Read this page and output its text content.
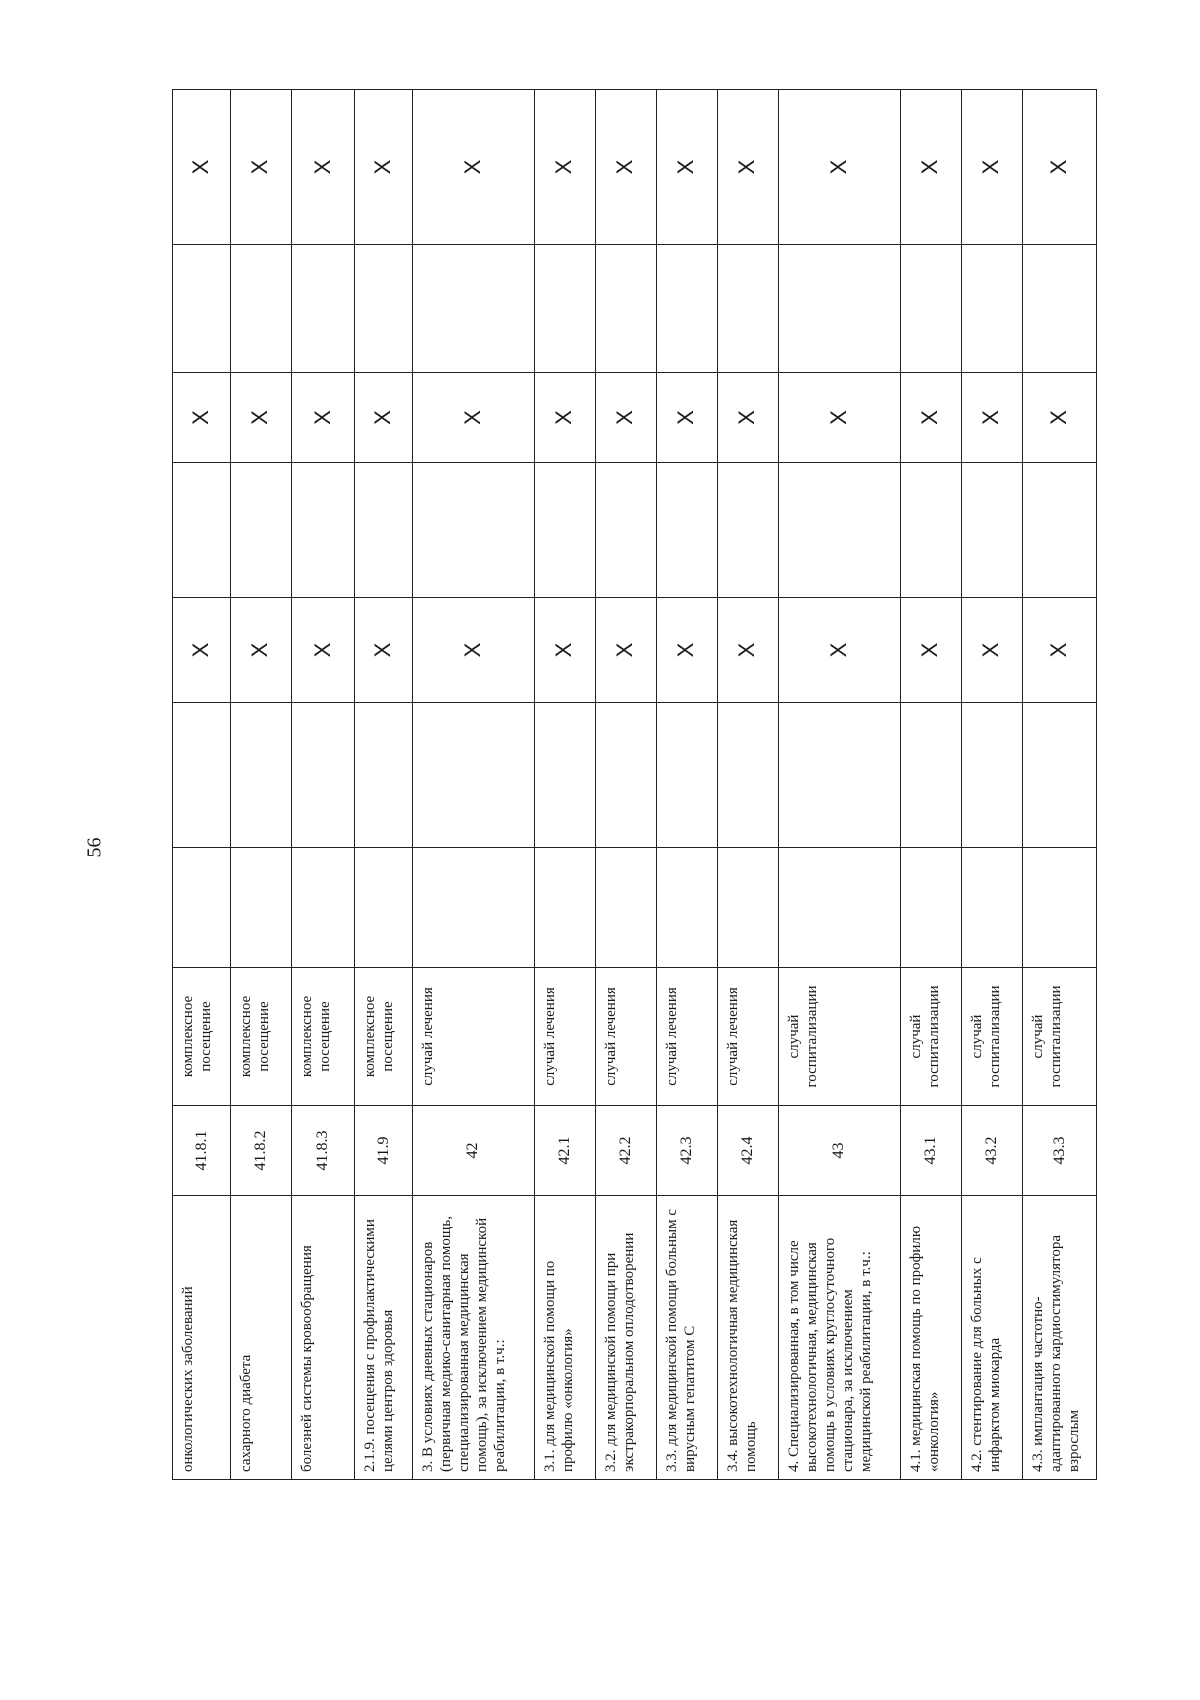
56
онкологических заболеваний	41.8.1	комплексное посещение			X		X		X
сахарного диабета	41.8.2	комплексное посещение			X		X		X
болезней системы кровообращения	41.8.3	комплексное посещение			X		X		X
2.1.9. посещения с профилактическими целями центров здоровья	41.9	комплексное посещение			X		X		X
3. В условиях дневных стационаров (первичная медико-санитарная помощь, специализированная медицинская помощь), за исключением медицинской реабилитации, в т.ч.:	42	случай лечения			X		X		X
3.1. для медицинской помощи по профилю «онкология»	42.1	случай лечения			X		X		X
3.2. для медицинской помощи при экстракорпоральном оплодотворении	42.2	случай лечения			X		X		X
3.3. для медицинской помощи больным с вирусным гепатитом С	42.3	случай лечения			X		X		X
3.4. высокотехнологичная медицинская помощь	42.4	случай лечения			X		X		X
4. Специализированная, в том числе высокотехнологичная, медицинская помощь в условиях круглосуточного стационара, за исключением медицинской реабилитации, в т.ч.:	43	случай госпитализации			X		X		X
4.1. медицинская помощь по профилю «онкология»	43.1	случай госпитализации			X		X		X
4.2. стентирование для больных с инфарктом миокарда	43.2	случай госпитализации			X		X		X
4.3. имплантация частотно-адаптированного кардиостимулятора взрослым	43.3	случай госпитализации			X		X		X
